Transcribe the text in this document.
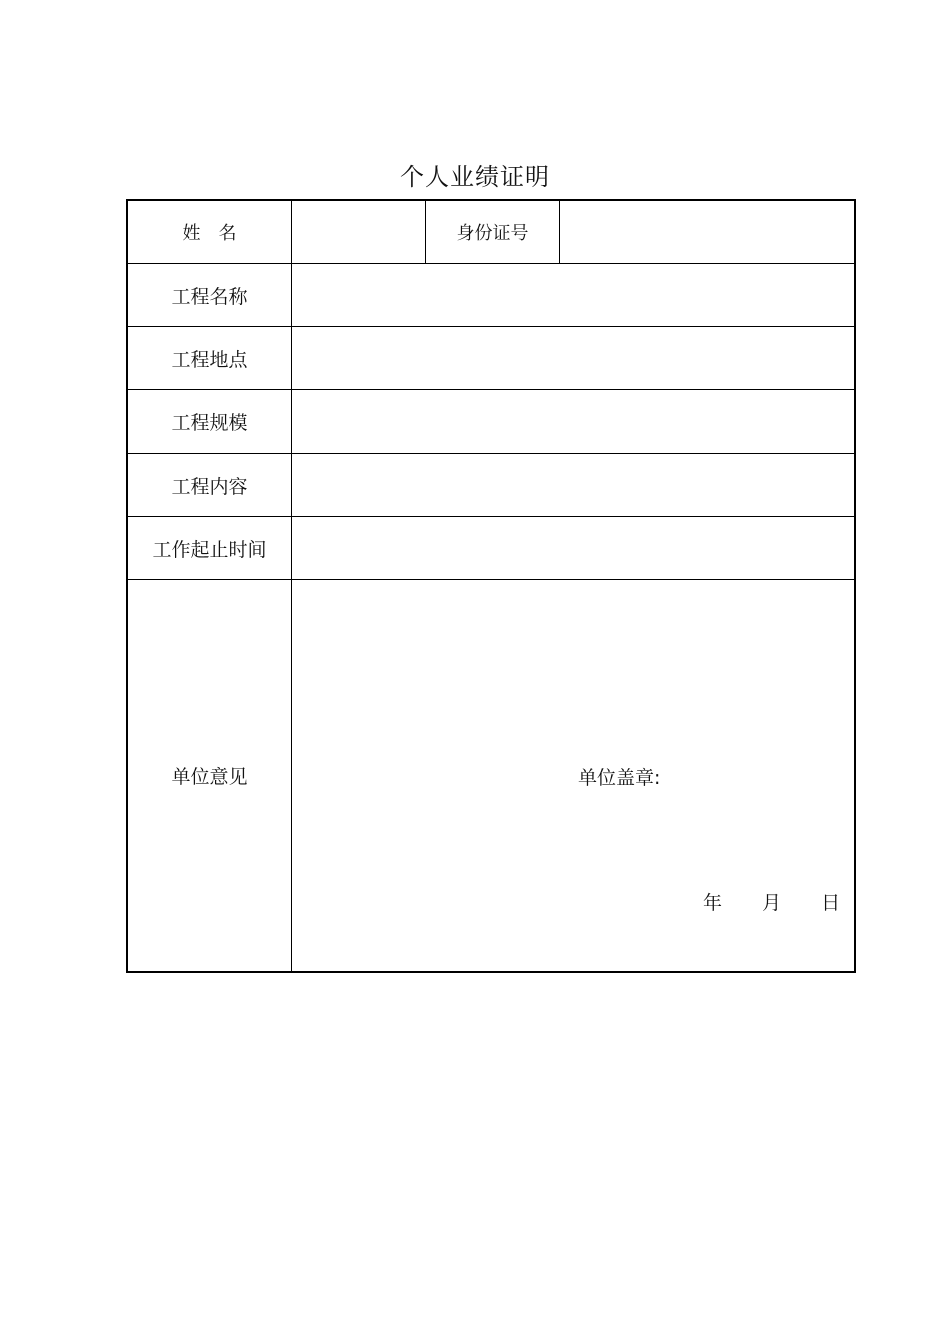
个人业绩证明
姓　名	身份证号
工程名称
工程地点
工程规模
工程内容
工作起止时间
单位意见	单位盖章:
年 月 日
